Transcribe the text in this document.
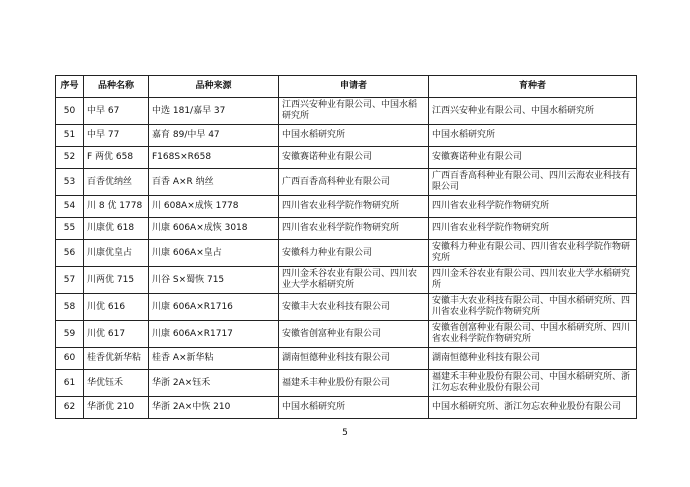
序号	品种名称	品种来源	申请者	育种者
50	中早 67	中选 181/嘉早 37	江西兴安种业有限公司、中国水稻研究所	江西兴安种业有限公司、中国水稻研究所
51	中早 77	嘉育 89/中早 47	中国水稻研究所	中国水稻研究所
52	F 两优 658	F168S×R658	安徽赛诺种业有限公司	安徽赛诺种业有限公司
53	百香优纳丝	百香 A×R 纳丝	广西百香高科种业有限公司	广西百香高科种业有限公司、四川云海农业科技有限公司
54	川 8 优 1778	川 608A×成恢 1778	四川省农业科学院作物研究所	四川省农业科学院作物研究所
55	川康优 618	川康 606A×成恢 3018	四川省农业科学院作物研究所	四川省农业科学院作物研究所
56	川康优皇占	川康 606A×皇占	安徽科力种业有限公司	安徽科力种业有限公司、四川省农业科学院作物研究所
57	川两优 715	川谷 S×蜀恢 715	四川金禾谷农业有限公司、四川农业大学水稻研究所	四川金禾谷农业有限公司、四川农业大学水稻研究所
58	川优 616	川康 606A×R1716	安徽丰大农业科技有限公司	安徽丰大农业科技有限公司、中国水稻研究所、四川省农业科学院作物研究所
59	川优 617	川康 606A×R1717	安徽省创富种业有限公司	安徽省创富种业有限公司、中国水稻研究所、四川省农业科学院作物研究所
60	桂香优新华粘	桂香 A×新华粘	湖南恒德种业科技有限公司	湖南恒德种业科技有限公司
61	华优钰禾	华浙 2A×钰禾	福建禾丰种业股份有限公司	福建禾丰种业股份有限公司、中国水稻研究所、浙江勿忘农种业股份有限公司
62	华浙优 210	华浙 2A×中恢 210	中国水稻研究所	中国水稻研究所、浙江勿忘农种业股份有限公司
5
